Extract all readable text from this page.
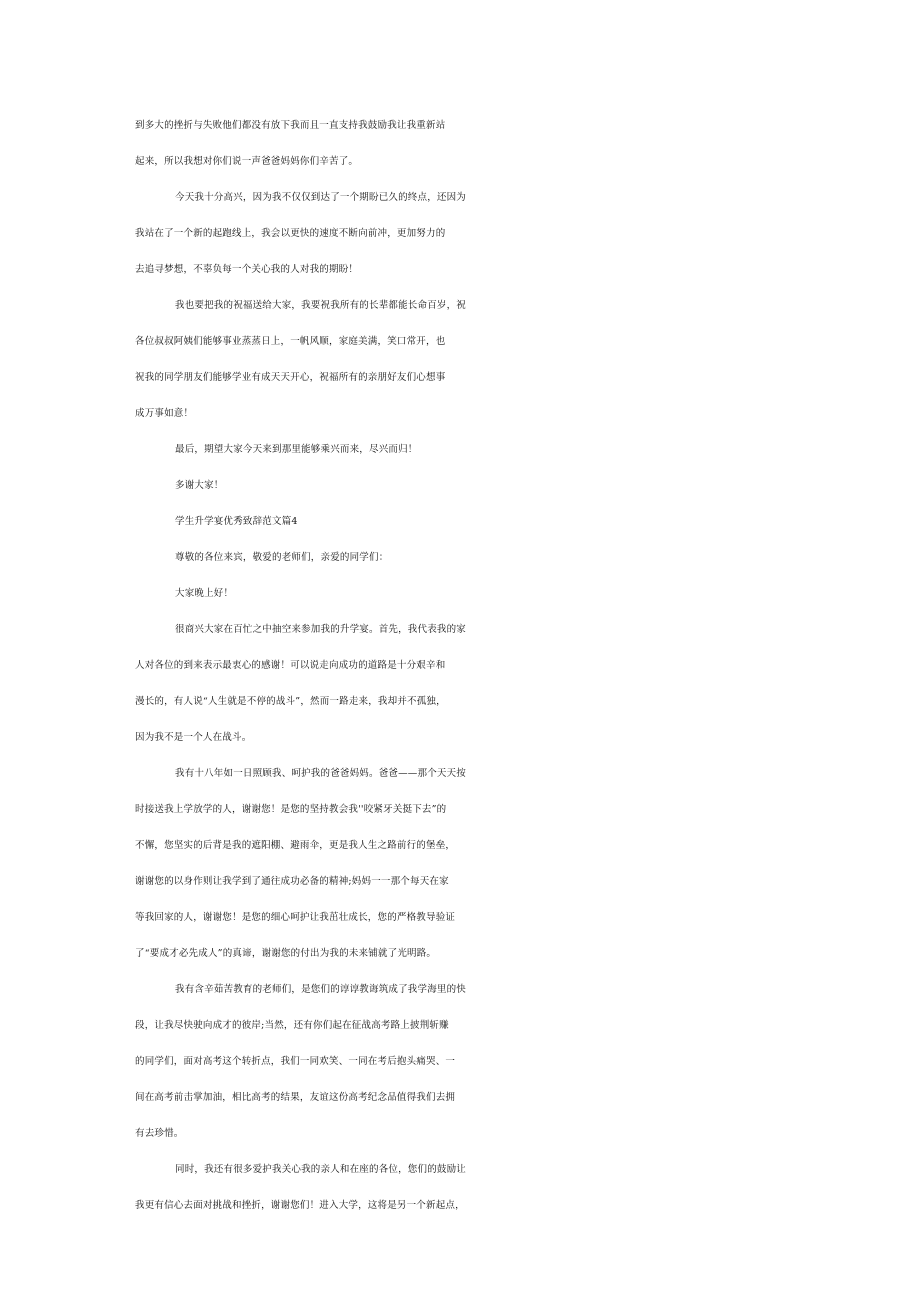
到多大的挫折与失败他们都没有放下我而且一直支持我鼓励我让我重新站
起来，所以我想对你们说一声爸爸妈妈你们辛苦了。
今天我十分高兴，因为我不仅仅到达了一个期盼已久的终点，还因为
我站在了一个新的起跑线上，我会以更快的速度不断向前冲，更加努力的
去追寻梦想，不辜负每一个关心我的人对我的期盼！
我也要把我的祝福送给大家，我要祝我所有的长辈都能长命百岁，祝
各位叔叔阿姨们能够事业蒸蒸日上，一帆风顺，家庭美满，笑口常开，也
祝我的同学朋友们能够学业有成天天开心，祝福所有的亲朋好友们心想事
成万事如意！
最后，期望大家今天来到那里能够乘兴而来，尽兴而归！
多谢大家！
学生升学宴优秀致辞范文篇4
尊敬的各位来宾，敬爱的老师们，亲爱的同学们：
大家晚上好！
很商兴大家在百忙之中抽空来参加我的升学宴。首先，我代表我的家
人对各位的到来表示最衷心的感谢！可以说走向成功的道路是十分艰辛和
漫长的，有人说“人生就是不停的战斗”，然而一路走来，我却并不孤独，
因为我不是一个人在战斗。
我有十八年如一日照顾我、呵护我的爸爸妈妈。爸爸——那个天天按
时接送我上学放学的人，谢谢您！是您的坚持教会我''咬紧牙关挺下去”的
不懈，您坚实的后背是我的遮阳棚、避雨伞，更是我人生之路前行的堡垒，
谢谢您的以身作则让我学到了通往成功必备的精神;妈妈一一那个每天在家
等我回家的人，谢谢您！是您的细心呵护让我茁壮成长，您的严格教导验证
了“要成才必先成人”的真谛，谢谢您的付出为我的未来铺就了光明路。
我有含辛茹苦教育的老师们，是您们的谆谆教诲筑成了我学海里的快
段，让我尽快驶向成才的彼岸;当然，还有你们起在征战高考路上披荆斩赚
的同学们，面对高考这个转折点，我们一同欢笑、一同在考后抱头痛哭、一
间在高考前击掌加油，相比高考的结果，友谊这份高考纪念品值得我们去拥
有去珍惜。
同时，我还有很多爱护我关心我的亲人和在座的各位，您们的鼓励让
我更有信心去面对挑战和挫折，谢谢您们！进入大学，这将是另一个新起点，
